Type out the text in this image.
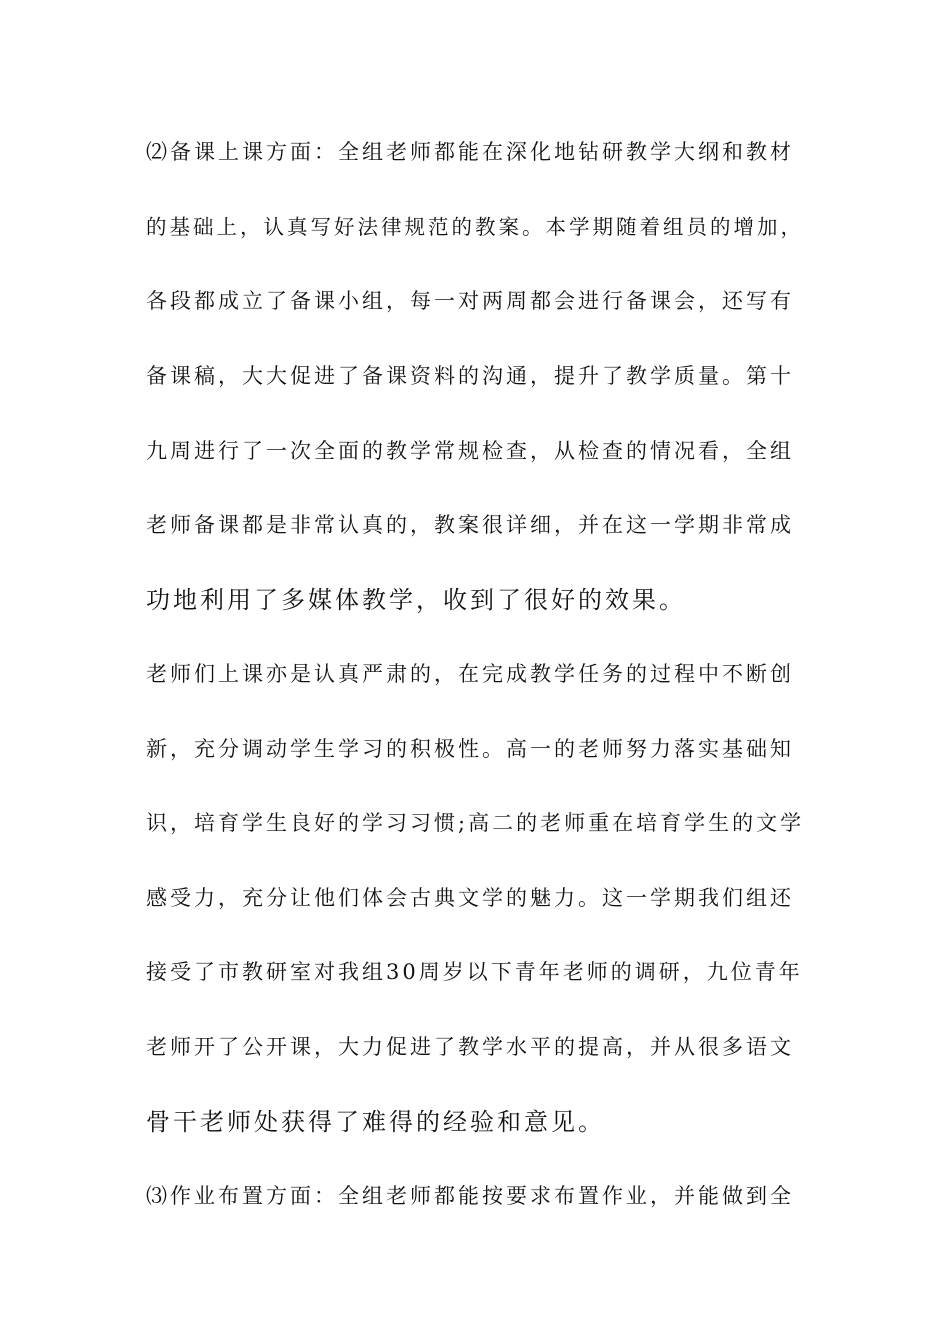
⑵备课上课方面：全组老师都能在深化地钻研教学大纲和教材
的基础上，认真写好法律规范的教案。本学期随着组员的增加，
各段都成立了备课小组，每一对两周都会进行备课会，还写有
备课稿，大大促进了备课资料的沟通，提升了教学质量。第十
九周进行了一次全面的教学常规检查，从检查的情况看，全组
老师备课都是非常认真的，教案很详细，并在这一学期非常成
功地利用了多媒体教学，收到了很好的效果。
老师们上课亦是认真严肃的，在完成教学任务的过程中不断创
新，充分调动学生学习的积极性。高一的老师努力落实基础知
识，培育学生良好的学习习惯;高二的老师重在培育学生的文学
感受力，充分让他们体会古典文学的魅力。这一学期我们组还
接受了市教研室对我组30周岁以下青年老师的调研，九位青年
老师开了公开课，大力促进了教学水平的提高，并从很多语文
骨干老师处获得了难得的经验和意见。
⑶作业布置方面：全组老师都能按要求布置作业，并能做到全
